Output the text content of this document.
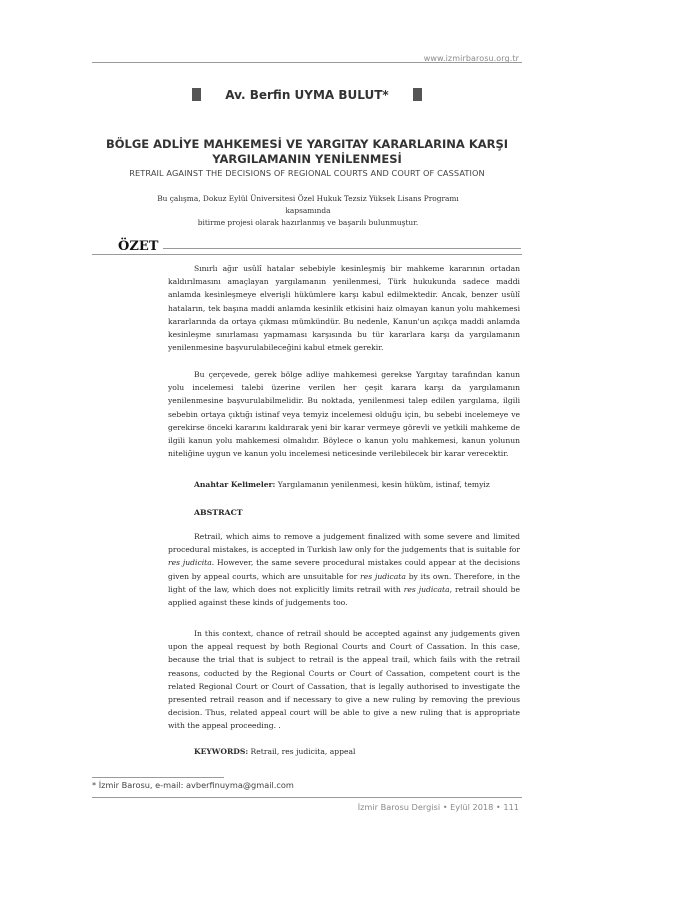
www.izmirbarosu.org.tr
Av. Berfin UYMA BULUT*
BÖLGE ADLİYE MAHKEMESİ VE YARGITAY KARARLARINA KARŞI
YARGILAMANIN YENİLENMESİ
RETRAIL AGAINST THE DECISIONS OF REGIONAL COURTS AND COURT OF CASSATION
Bu çalışma, Dokuz Eylül Üniversitesi Özel Hukuk Tezsiz Yüksek Lisans Programı kapsamında
bitirme projesi olarak hazırlanmış ve başarılı bulunmuştur.
ÖZET

Sınırlı ağır usûlî hatalar sebebiyle kesinleşmiş bir mahkeme kararının ortadan kaldırılmasını amaçlayan yargılamanın yenilenmesi, Türk hukukunda sadece maddi anlamda kesinleşmeye elverişli hükümlere karşı kabul edilmektedir. Ancak, benzer usûlî hataların, tek başına maddi anlamda kesinlik etkisini haiz olmayan kanun yolu mahkemesi kararlarında da ortaya çıkması mümkündür. Bu nedenle, Kanun'un açıkça maddi anlamda kesinleşme sınırlaması yapmaması karşısında bu tür kararlara karşı da yargılamanın yenilenmesine başvurulabileceğini kabul etmek gerekir.

Bu çerçevede, gerek bölge adliye mahkemesi gerekse Yargıtay tarafından kanun yolu incelemesi talebi üzerine verilen her çeşit karara karşı da yargılamanın yenilenmesine başvurulabilmelidir. Bu noktada, yenilenmesi talep edilen yargılama, ilgili sebebin ortaya çıktığı istinaf veya temyiz incelemesi olduğu için, bu sebebi incelemeye ve gerekirse önceki kararını kaldırarak yeni bir karar vermeye görevli ve yetkili mahkeme de ilgili kanun yolu mahkemesi olmalıdır. Böylece o kanun yolu mahkemesi, kanun yolunun niteliğine uygun ve kanun yolu incelemesi neticesinde verilebilecek bir karar verecektir.

Anahtar Kelimeler: Yargılamanın yenilenmesi, kesin hüküm, istinaf, temyiz
ABSTRACT

Retrail, which aims to remove a judgement finalized with some severe and limited procedural mistakes, is accepted in Turkish law only for the judgements that is suitable for res judicita. However, the same severe procedural mistakes could appear at the decisions given by appeal courts, which are unsuitable for res judicata by its own. Therefore, in the light of the law, which does not explicitly limits retrail with res judicata, retrail should be applied against these kinds of judgements too.

In this context, chance of retrail should be accepted against any judgements given upon the appeal request by both Regional Courts and Court of Cassation. In this case, because the trial that is subject to retrail is the appeal trail, which fails with the retrail reasons, coducted by the Regional Courts or Court of Cassation, competent court is the related Regional Court or Court of Cassation, that is legally authorised to investigate the presented retrail reason and if necessary to give a new ruling by removing the previous decision. Thus, related appeal court will be able to give a new ruling that is appropriate with the appeal proceeding. .

KEYWORDS: Retrail, res judicita, appeal
* İzmir Barosu, e-mail: avberfinuyma@gmail.com
İzmir Barosu Dergisi • Eylül 2018 • 111
